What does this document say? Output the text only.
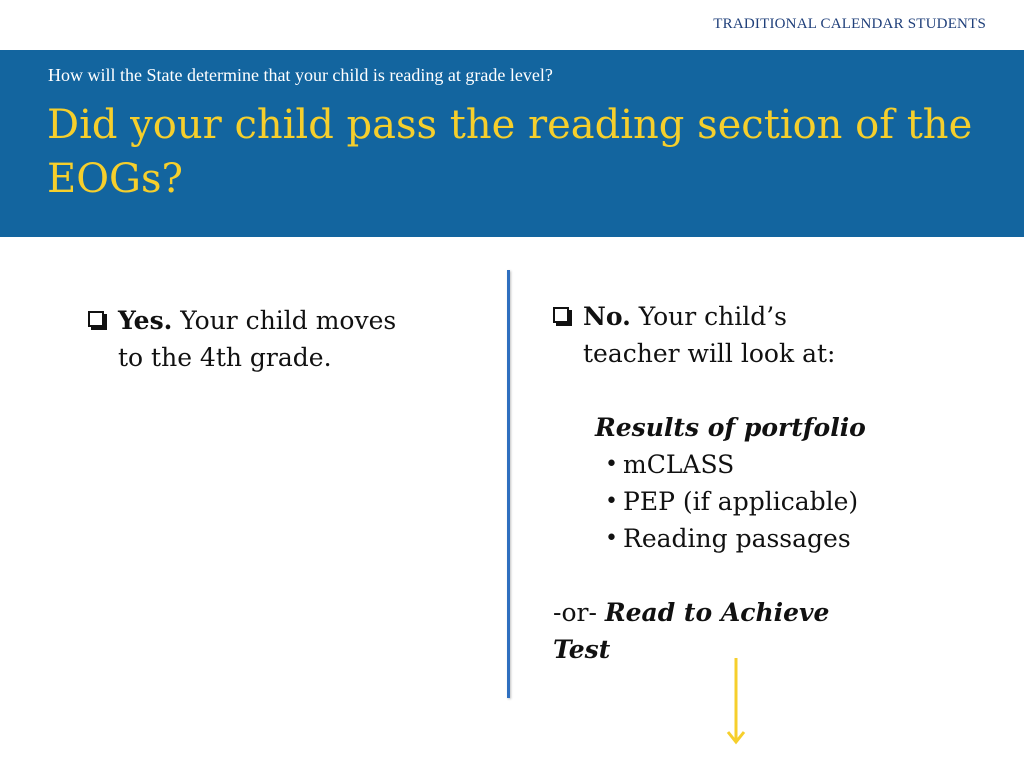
TRADITIONAL CALENDAR STUDENTS
How will the State determine that your child is reading at grade level?
Did your child pass the reading section of the EOGs?
Yes. Your child moves
to the 4th grade.
No. Your child’s
teacher will look at:
Results of portfolio
• mCLASS
• PEP (if applicable)
• Reading passages
-or- Read to Achieve
Test
